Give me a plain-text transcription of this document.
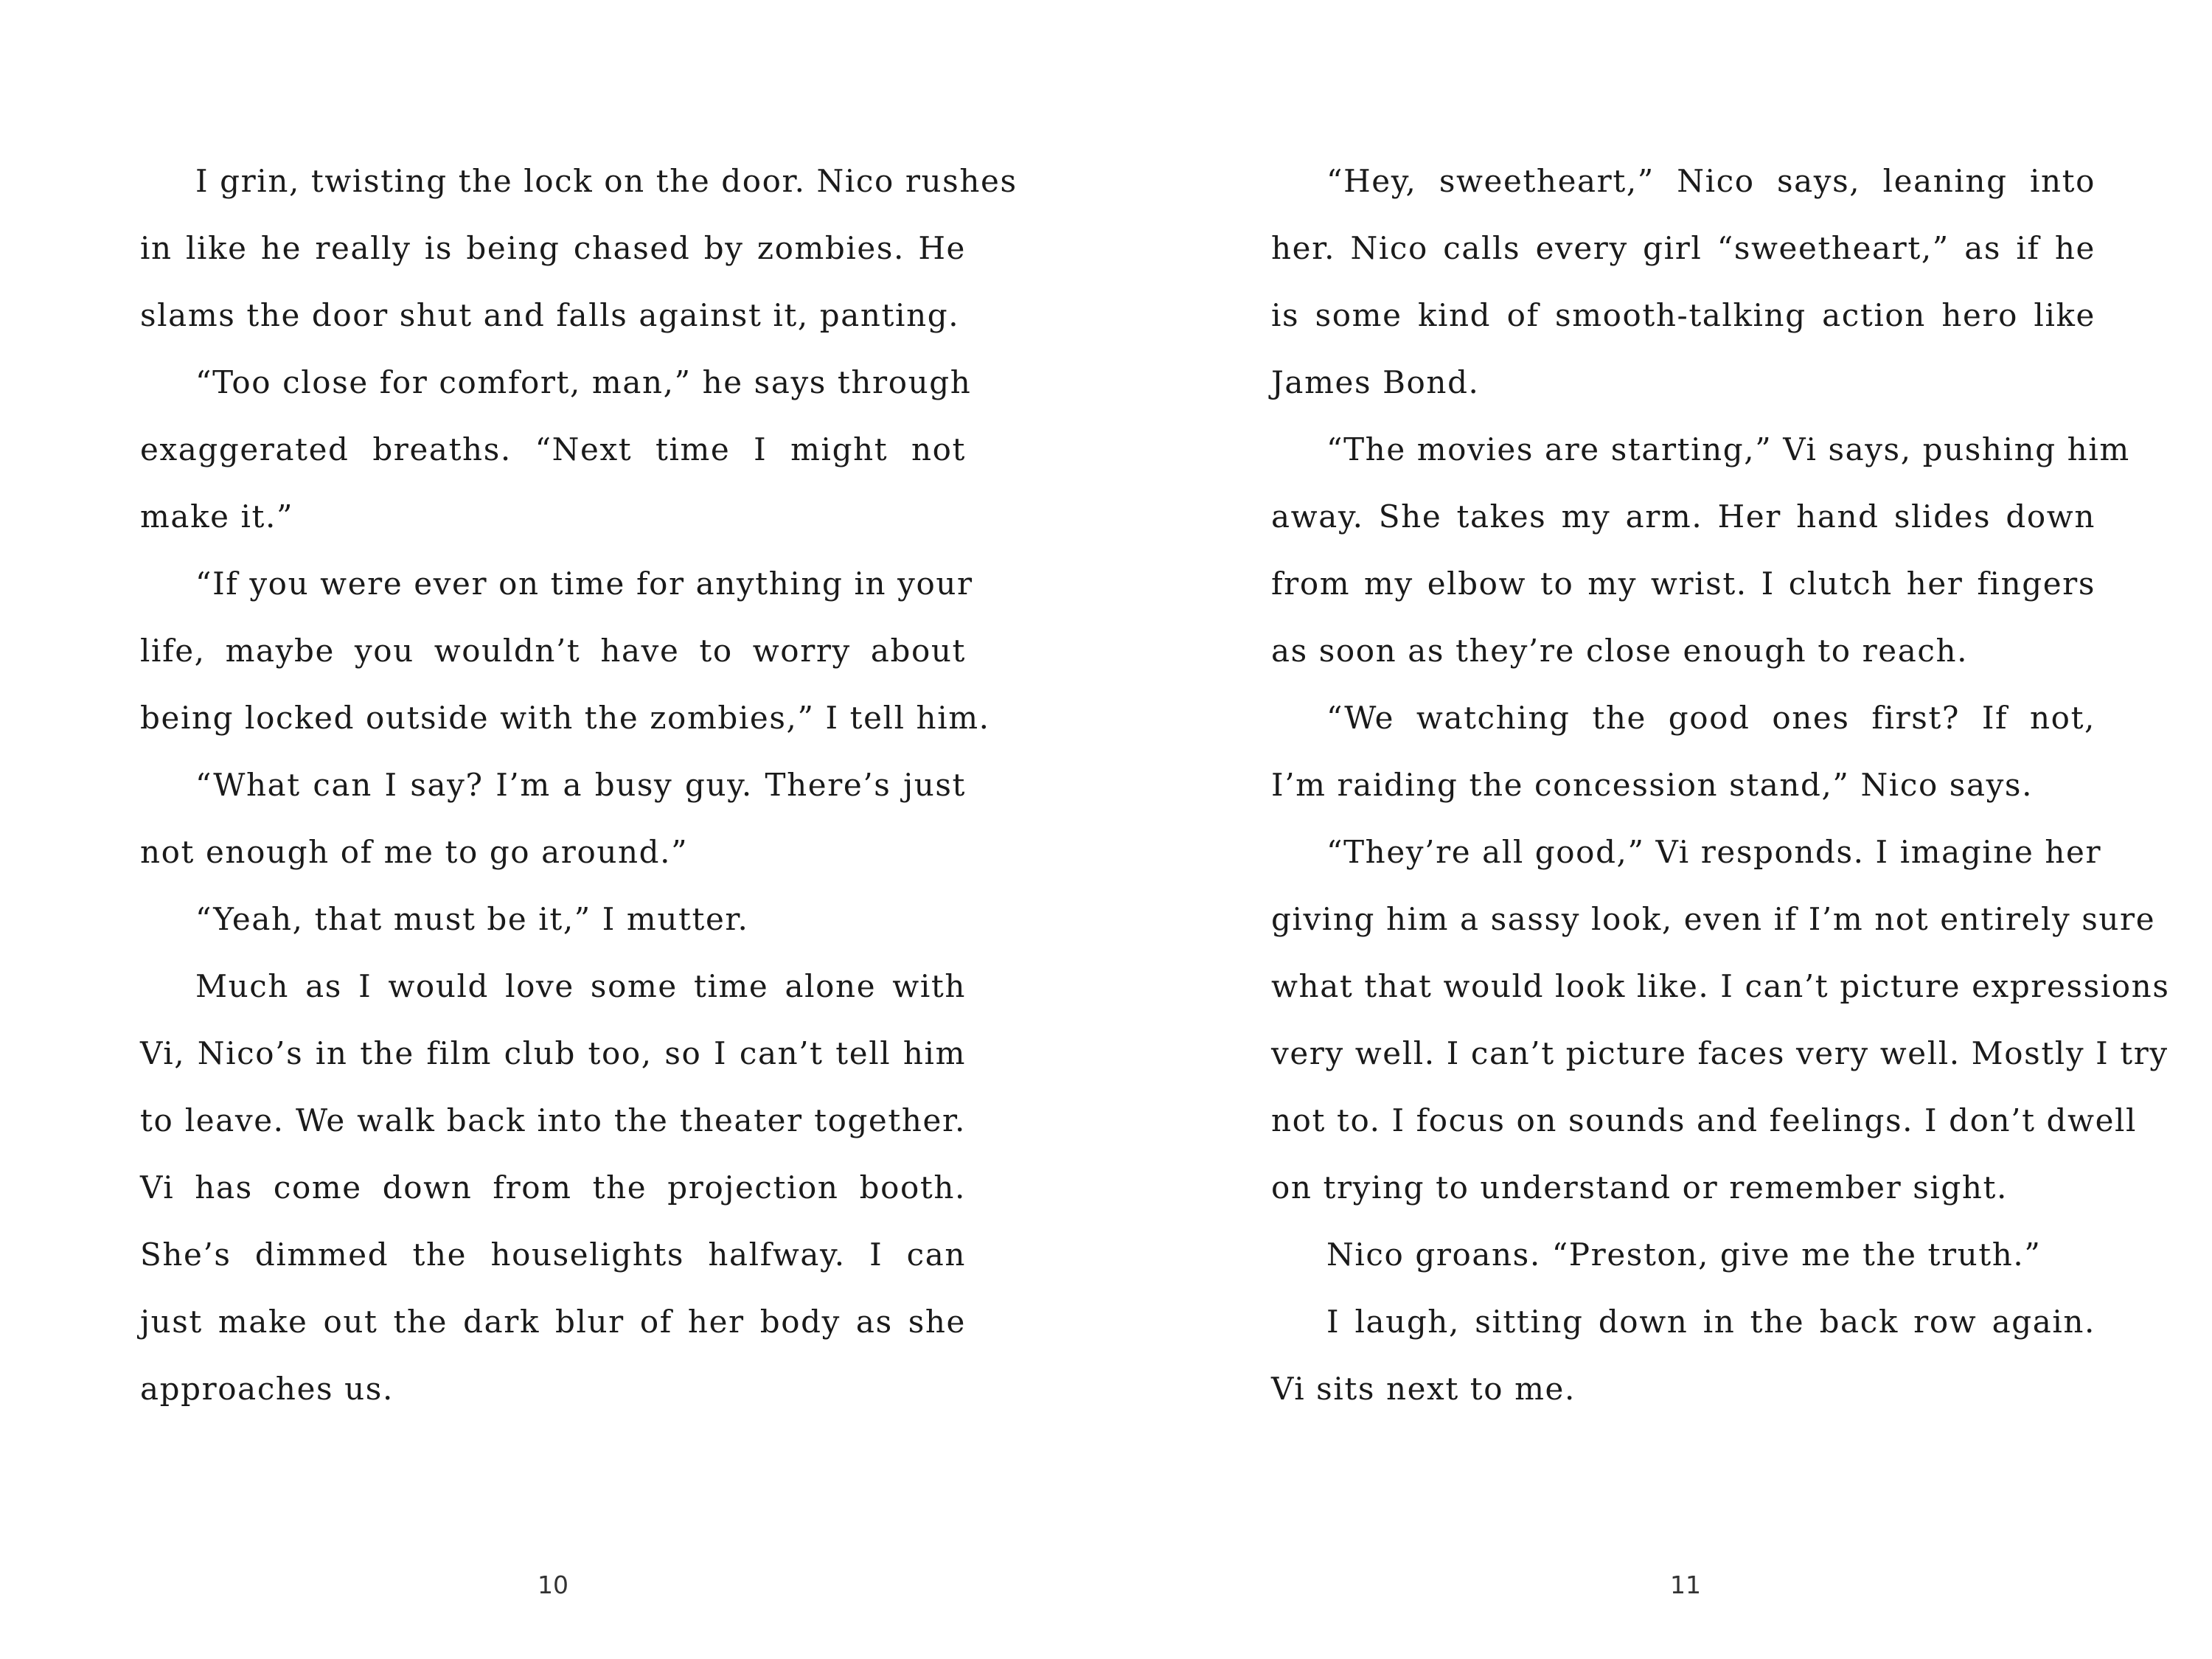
I grin, twisting the lock on the door. Nico rushes
in like he really is being chased by zombies. He
slams the door shut and falls against it, panting.
“Too close for comfort, man,” he says through
exaggerated breaths. “Next time I might not
make it.”
“If you were ever on time for anything in your
life, maybe you wouldn’t have to worry about
being locked outside with the zombies,” I tell him.
“What can I say? I’m a busy guy. There’s just
not enough of me to go around.”
“Yeah, that must be it,” I mutter.
Much as I would love some time alone with
Vi, Nico’s in the film club too, so I can’t tell him
to leave. We walk back into the theater together.
Vi has come down from the projection booth.
She’s dimmed the houselights halfway. I can
just make out the dark blur of her body as she
approaches us.
10
“Hey, sweetheart,” Nico says, leaning into
her. Nico calls every girl “sweetheart,” as if he
is some kind of smooth-talking action hero like
James Bond.
“The movies are starting,” Vi says, pushing him
away. She takes my arm. Her hand slides down
from my elbow to my wrist. I clutch her fingers
as soon as they’re close enough to reach.
“We watching the good ones first? If not,
I’m raiding the concession stand,” Nico says.
“They’re all good,” Vi responds. I imagine her
giving him a sassy look, even if I’m not entirely sure
what that would look like. I can’t picture expressions
very well. I can’t picture faces very well. Mostly I try
not to. I focus on sounds and feelings. I don’t dwell
on trying to understand or remember sight.
Nico groans. “Preston, give me the truth.”
I laugh, sitting down in the back row again.
Vi sits next to me.
11
